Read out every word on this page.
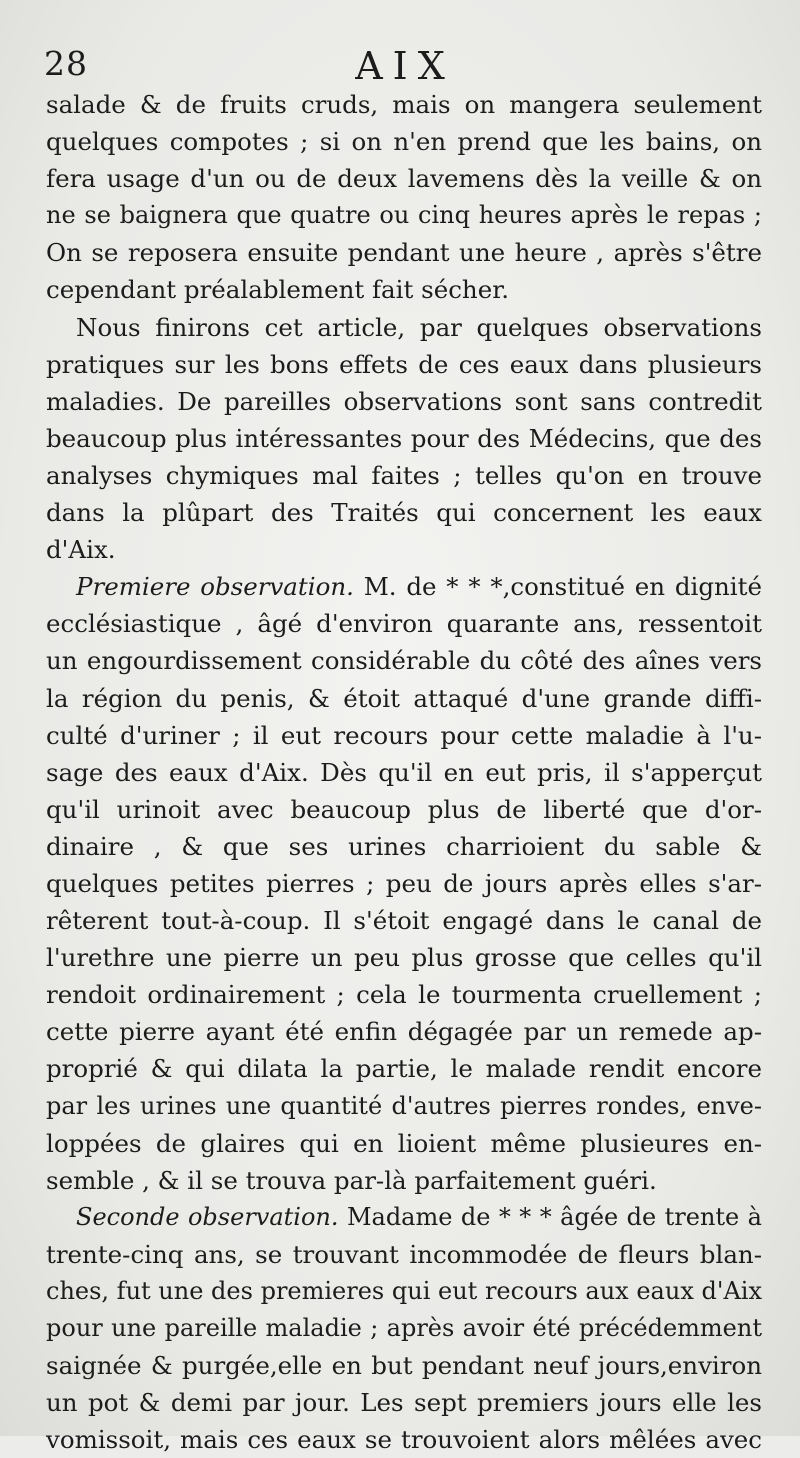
28	AIX
salade & de fruits cruds, mais on mangera seulement
quelques compotes ; si on n'en prend que les bains, on
fera usage d'un ou de deux lavemens dès la veille & on
ne se baignera que quatre ou cinq heures après le repas ;
On se reposera ensuite pendant une heure , après s'être
cependant préalablement fait sécher.
Nous finirons cet article, par quelques observations
pratiques sur les bons effets de ces eaux dans plusieurs
maladies. De pareilles observations sont sans contredit
beaucoup plus intéressantes pour des Médecins, que des
analyses chymiques mal faites ; telles qu'on en trouve
dans la plûpart des Traités qui concernent les eaux
d'Aix.
Premiere observation. M. de * * *,constitué en dignité
ecclésiastique , âgé d'environ quarante ans, ressentoit
un engourdissement considérable du côté des aînes vers
la région du penis, & étoit attaqué d'une grande diffi-
culté d'uriner ; il eut recours pour cette maladie à l'u-
sage des eaux d'Aix. Dès qu'il en eut pris, il s'apperçut
qu'il urinoit avec beaucoup plus de liberté que d'or-
dinaire , & que ses urines charrioient du sable &
quelques petites pierres ; peu de jours après elles s'ar-
rêterent tout-à-coup. Il s'étoit engagé dans le canal de
l'urethre une pierre un peu plus grosse que celles qu'il
rendoit ordinairement ; cela le tourmenta cruellement ;
cette pierre ayant été enfin dégagée par un remede ap-
proprié & qui dilata la partie, le malade rendit encore
par les urines une quantité d'autres pierres rondes, enve-
loppées de glaires qui en lioient même plusieures en-
semble , & il se trouva par-là parfaitement guéri.
Seconde observation. Madame de * * * âgée de trente à
trente-cinq ans, se trouvant incommodée de fleurs blan-
ches, fut une des premieres qui eut recours aux eaux d'Aix
pour une pareille maladie ; après avoir été précédemment
saignée & purgée,elle en but pendant neuf jours,environ
un pot & demi par jour. Les sept premiers jours elle les
vomissoit, mais ces eaux se trouvoient alors mêlées avec
